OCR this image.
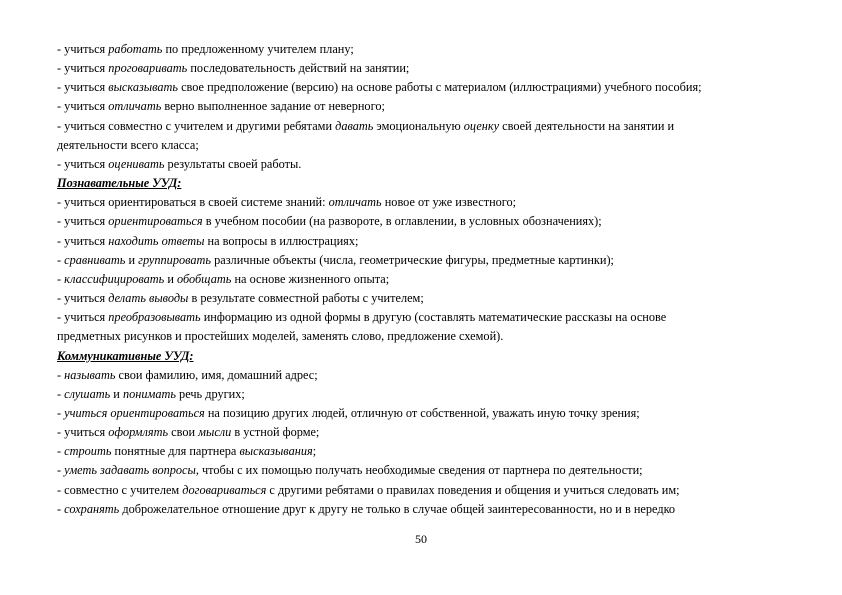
- учиться работать по предложенному учителем плану;
- учиться проговаривать последовательность действий на занятии;
- учиться высказывать свое предположение (версию) на основе работы с материалом (иллюстрациями) учебного пособия;
- учиться отличать верно выполненное задание от неверного;
- учиться совместно с учителем и другими ребятами давать эмоциональную оценку своей деятельности на занятии и
деятельности всего класса;
- учиться оценивать результаты своей работы.
Познавательные УУД:
- учиться ориентироваться в своей системе знаний: отличать новое от уже известного;
- учиться ориентироваться в учебном пособии (на развороте, в оглавлении, в условных обозначениях);
- учиться находить ответы на вопросы в иллюстрациях;
- сравнивать и группировать различные объекты (числа, геометрические фигуры, предметные картинки);
- классифицировать и обобщать на основе жизненного опыта;
- учиться делать выводы в результате совместной работы с учителем;
- учиться преобразовывать информацию из одной формы в другую (составлять математические рассказы на основе
предметных рисунков и простейших моделей, заменять слово, предложение схемой).
Коммуникативные УУД:
- называть свои фамилию, имя, домашний адрес;
- слушать и понимать речь других;
- учиться ориентироваться на позицию других людей, отличную от собственной, уважать иную точку зрения;
- учиться оформлять свои мысли в устной форме;
- строить понятные для партнера высказывания;
- уметь задавать вопросы, чтобы с их помощью получать необходимые сведения от партнера по деятельности;
- совместно с учителем договариваться с другими ребятами о правилах поведения и общения и учиться следовать им;
- сохранять доброжелательное отношение друг к другу не только в случае общей заинтересованности, но и в нередко
50
